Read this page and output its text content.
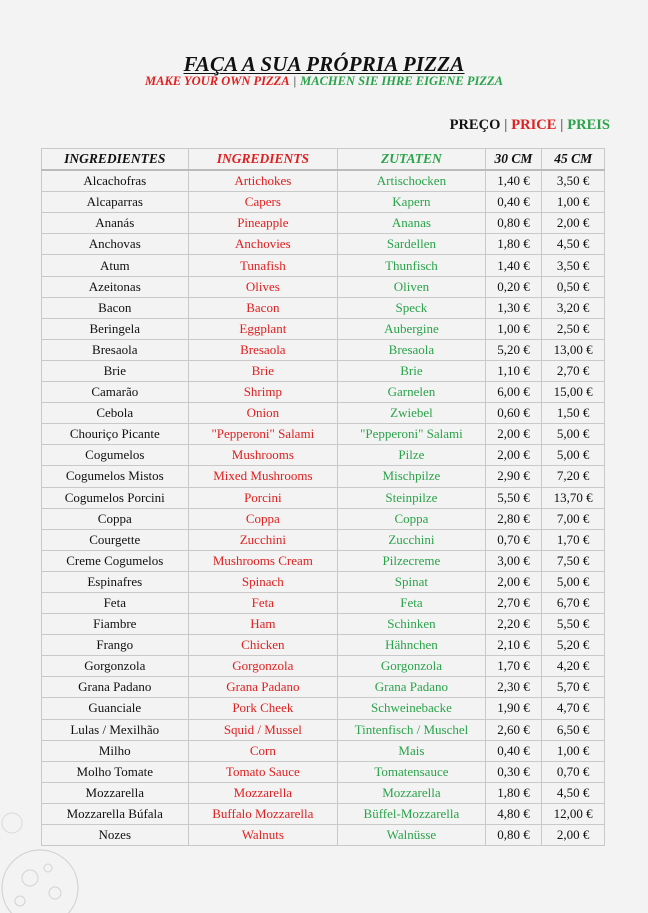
FAÇA A SUA PRÓPRIA PIZZA
MAKE YOUR OWN PIZZA | MACHEN SIE IHRE EIGENE PIZZA
PREÇO | PRICE | PREIS
INGREDIENTES	INGREDIENTS	ZUTATEN	30 CM	45 CM
Alcachofras	Artichokes	Artischocken	1,40 €	3,50 €
Alcaparras	Capers	Kapern	0,40 €	1,00 €
Ananás	Pineapple	Ananas	0,80 €	2,00 €
Anchovas	Anchovies	Sardellen	1,80 €	4,50 €
Atum	Tunafish	Thunfisch	1,40 €	3,50 €
Azeitonas	Olives	Oliven	0,20 €	0,50 €
Bacon	Bacon	Speck	1,30 €	3,20 €
Beringela	Eggplant	Aubergine	1,00 €	2,50 €
Bresaola	Bresaola	Bresaola	5,20 €	13,00 €
Brie	Brie	Brie	1,10 €	2,70 €
Camarão	Shrimp	Garnelen	6,00 €	15,00 €
Cebola	Onion	Zwiebel	0,60 €	1,50 €
Chouriço Picante	"Pepperoni" Salami	"Pepperoni" Salami	2,00 €	5,00 €
Cogumelos	Mushrooms	Pilze	2,00 €	5,00 €
Cogumelos Mistos	Mixed Mushrooms	Mischpilze	2,90 €	7,20 €
Cogumelos Porcini	Porcini	Steinpilze	5,50 €	13,70 €
Coppa	Coppa	Coppa	2,80 €	7,00 €
Courgette	Zucchini	Zucchini	0,70 €	1,70 €
Creme Cogumelos	Mushrooms Cream	Pilzecreme	3,00 €	7,50 €
Espinafres	Spinach	Spinat	2,00 €	5,00 €
Feta	Feta	Feta	2,70 €	6,70 €
Fiambre	Ham	Schinken	2,20 €	5,50 €
Frango	Chicken	Hähnchen	2,10 €	5,20 €
Gorgonzola	Gorgonzola	Gorgonzola	1,70 €	4,20 €
Grana Padano	Grana Padano	Grana Padano	2,30 €	5,70 €
Guanciale	Pork Cheek	Schweinebacke	1,90 €	4,70 €
Lulas / Mexilhão	Squid / Mussel	Tintenfisch / Muschel	2,60 €	6,50 €
Milho	Corn	Mais	0,40 €	1,00 €
Molho Tomate	Tomato Sauce	Tomatensauce	0,30 €	0,70 €
Mozzarella	Mozzarella	Mozzarella	1,80 €	4,50 €
Mozzarella Búfala	Buffalo Mozzarella	Büffel-Mozzarella	4,80 €	12,00 €
Nozes	Walnuts	Walnüsse	0,80 €	2,00 €
